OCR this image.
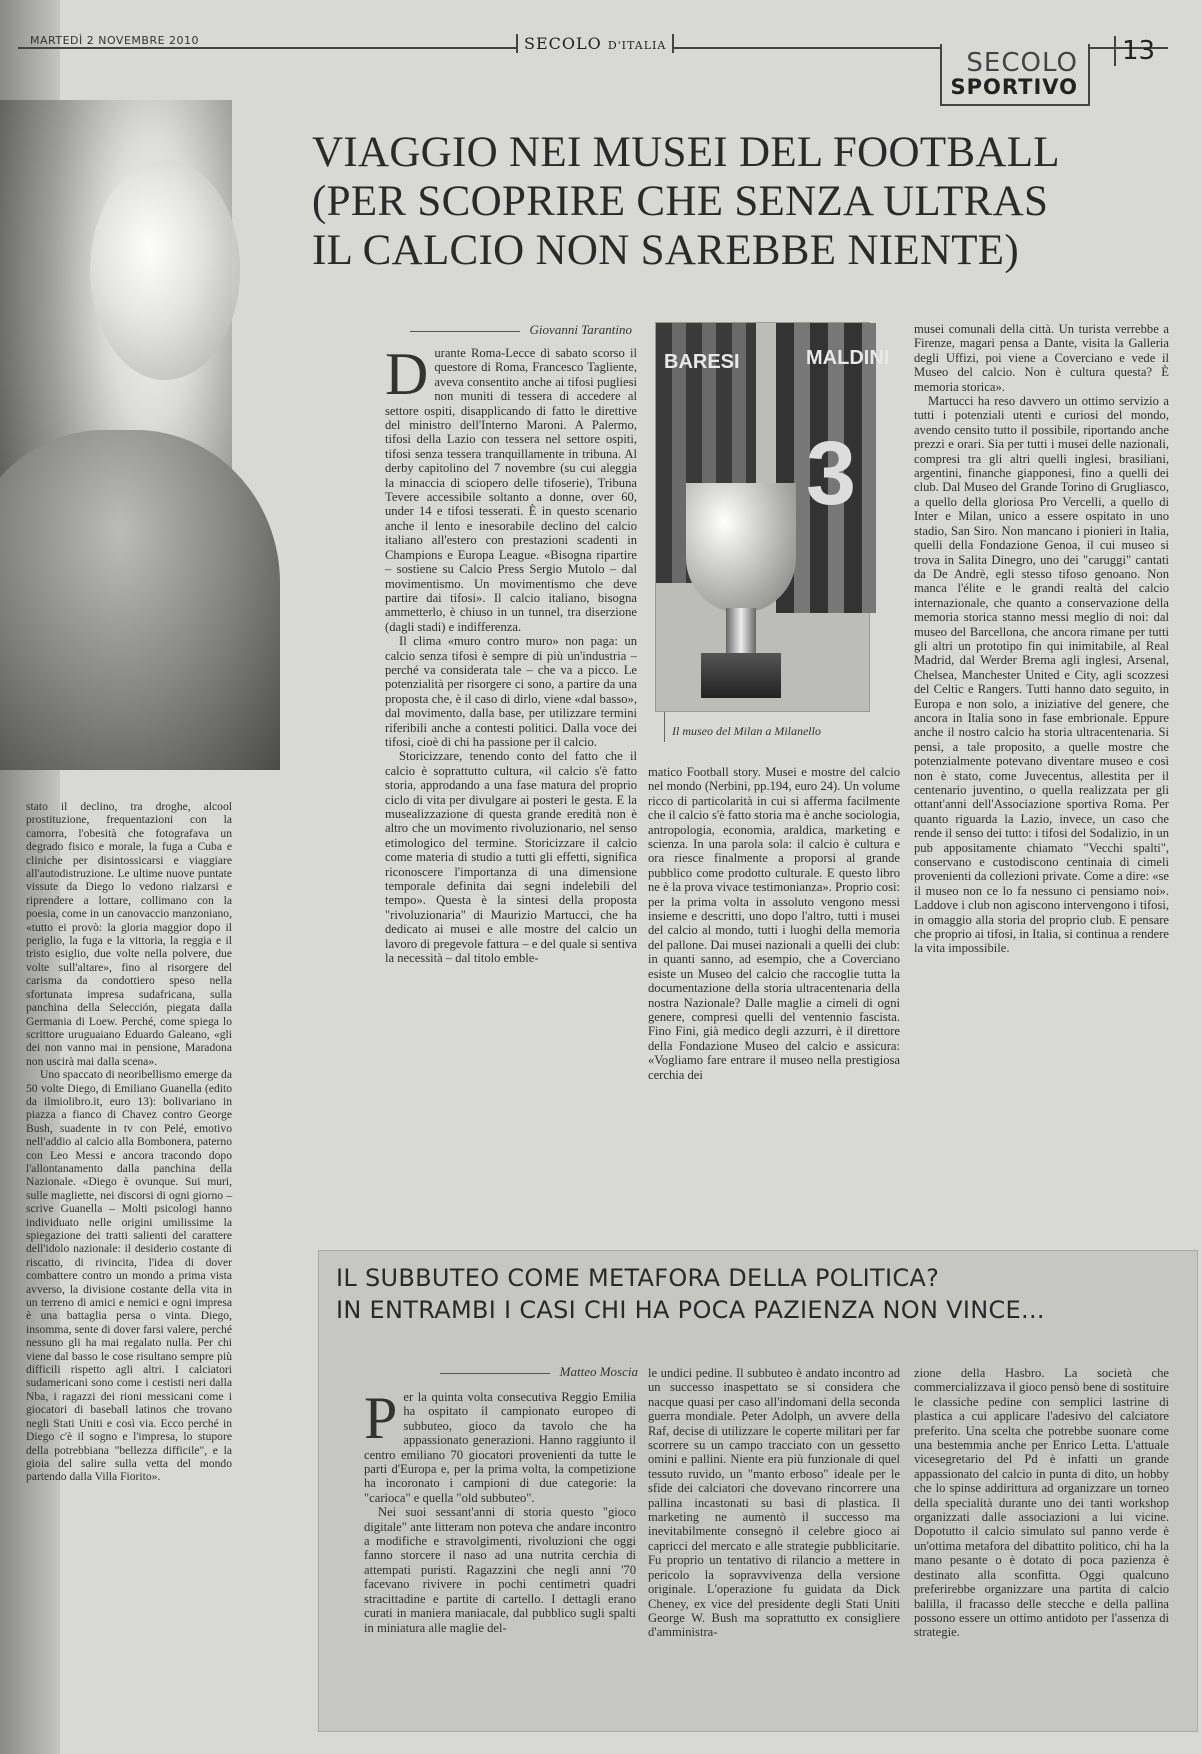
MARTEDÌ 2 NOVEMBRE 2010	SECOLO D'ITALIA
SECOLO
SPORTIVO
13
VIAGGIO NEI MUSEI DEL FOOTBALL
(PER SCOPRIRE CHE SENZA ULTRAS
IL CALCIO NON SAREBBE NIENTE)
Giovanni Tarantino
D urante Roma-Lecce di sabato scorso il questore di Roma, Francesco Tagliente, aveva consentito anche ai tifosi pugliesi non muniti di tessera di accedere al settore ospiti, disapplicando di fatto le direttive del ministro dell'Interno Maroni. A Palermo, tifosi della Lazio con tessera nel settore ospiti, tifosi senza tessera tranquillamente in tribuna. Al derby capitolino del 7 novembre (su cui aleggia la minaccia di sciopero delle tifoserie), Tribuna Tevere accessibile soltanto a donne, over 60, under 14 e tifosi tesserati. È in questo scenario anche il lento e inesorabile declino del calcio italiano all'estero con prestazioni scadenti in Champions e Europa League. «Bisogna ripartire – sostiene su Calcio Press Sergio Mutolo – dal movimentismo. Un movimentismo che deve partire dai tifosi». Il calcio italiano, bisogna ammetterlo, è chiuso in un tunnel, tra diserzione (dagli stadi) e indifferenza.

Il clima «muro contro muro» non paga: un calcio senza tifosi è sempre di più un'industria – perché va considerata tale – che va a picco. Le potenzialità per risorgere ci sono, a partire da una proposta che, è il caso di dirlo, viene «dal basso», dal movimento, dalla base, per utilizzare termini riferibili anche a contesti politici. Dalla voce dei tifosi, cioè di chi ha passione per il calcio.

Storicizzare, tenendo conto del fatto che il calcio è soprattutto cultura, «il calcio s'è fatto storia, approdando a una fase matura del proprio ciclo di vita per divulgare ai posteri le gesta. E la musealizzazione di questa grande eredità non è altro che un movimento rivoluzionario, nel senso etimologico del termine. Storicizzare il calcio come materia di studio a tutti gli effetti, significa riconoscere l'importanza di una dimensione temporale definita dai segni indelebili del tempo». Questa è la sintesi della proposta "rivoluzionaria" di Maurizio Martucci, che ha dedicato ai musei e alle mostre del calcio un lavoro di pregevole fattura – e del quale si sentiva la necessità – dal titolo emble-

BARESI	MALDINI
3
Il museo del Milan a Milanello

matico Football story. Musei e mostre del calcio nel mondo (Nerbini, pp.194, euro 24). Un volume ricco di particolarità in cui si afferma facilmente che il calcio s'è fatto storia ma è anche sociologia, antropologia, economia, araldica, marketing e scienza. In una parola sola: il calcio è cultura e ora riesce finalmente a proporsi al grande pubblico come prodotto culturale. E questo libro ne è la prova vivace testimonianza». Proprio così: per la prima volta in assoluto vengono messi insieme e descritti, uno dopo l'altro, tutti i musei del calcio al mondo, tutti i luoghi della memoria del pallone. Dai musei nazionali a quelli dei club: in quanti sanno, ad esempio, che a Coverciano esiste un Museo del calcio che raccoglie tutta la documentazione della storia ultracentenaria della nostra Nazionale? Dalle maglie a cimeli di ogni genere, compresi quelli del ventennio fascista. Fino Fini, già medico degli azzurri, è il direttore della Fondazione Museo del calcio e assicura: «Vogliamo fare entrare il museo nella prestigiosa cerchia dei

musei comunali della città. Un turista verrebbe a Firenze, magari pensa a Dante, visita la Galleria degli Uffizi, poi viene a Coverciano e vede il Museo del calcio. Non è cultura questa? È memoria storica».

Martucci ha reso davvero un ottimo servizio a tutti i potenziali utenti e curiosi del mondo, avendo censito tutto il possibile, riportando anche prezzi e orari. Sia per tutti i musei delle nazionali, compresi tra gli altri quelli inglesi, brasiliani, argentini, finanche giapponesi, fino a quelli dei club. Dal Museo del Grande Torino di Grugliasco, a quello della gloriosa Pro Vercelli, a quello di Inter e Milan, unico a essere ospitato in uno stadio, San Siro. Non mancano i pionieri in Italia, quelli della Fondazione Genoa, il cui museo si trova in Salita Dinegro, uno dei "caruggi" cantati da De Andrè, egli stesso tifoso genoano. Non manca l'élite e le grandi realtà del calcio internazionale, che quanto a conservazione della memoria storica stanno messi meglio di noi: dal museo del Barcellona, che ancora rimane per tutti gli altri un prototipo fin qui inimitabile, al Real Madrid, dal Werder Brema agli inglesi, Arsenal, Chelsea, Manchester United e City, agli scozzesi del Celtic e Rangers. Tutti hanno dato seguito, in Europa e non solo, a iniziative del genere, che ancora in Italia sono in fase embrionale. Eppure anche il nostro calcio ha storia ultracentenaria. Si pensi, a tale proposito, a quelle mostre che potenzialmente potevano diventare museo e così non è stato, come Juvecentus, allestita per il centenario juventino, o quella realizzata per gli ottant'anni dell'Associazione sportiva Roma. Per quanto riguarda la Lazio, invece, un caso che rende il senso dei tutto: i tifosi del Sodalizio, in un pub appositamente chiamato "Vecchi spalti", conservano e custodiscono centinaia di cimeli provenienti da collezioni private. Come a dire: «se il museo non ce lo fa nessuno ci pensiamo noi». Laddove i club non agiscono intervengono i tifosi, in omaggio alla storia del proprio club. E pensare che proprio ai tifosi, in Italia, si continua a rendere la vita impossibile.

stato il declino, tra droghe, alcool prostituzione, frequentazioni con la camorra, l'obesità che fotografava un degrado fisico e morale, la fuga a Cuba e cliniche per disintossicarsi e viaggiare all'autodistruzione. Le ultime nuove puntate vissute da Diego lo vedono rialzarsi e riprendere a lottare, collimano con la poesia, come in un canovaccio manzoniano, «tutto ei provò: la gloria maggior dopo il periglio, la fuga e la vittoria, la reggia e il tristo esiglio, due volte nella polvere, due volte sull'altare», fino al risorgere del carisma da condottiero speso nella sfortunata impresa sudafricana, sulla panchina della Selección, piegata dalla Germania di Loew. Perché, come spiega lo scrittore uruguaiano Eduardo Galeano, «gli dei non vanno mai in pensione, Maradona non uscirà mai dalla scena».

Uno spaccato di neoribellismo emerge da 50 volte Diego, di Emiliano Guanella (edito da ilmiolibro.it, euro 13): bolivariano in piazza a fianco di Chavez contro George Bush, suadente in tv con Pelé, emotivo nell'addio al calcio alla Bombonera, paterno con Leo Messi e ancora tracondo dopo l'allontanamento dalla panchina della Nazionale. «Diego è ovunque. Sui muri, sulle magliette, nei discorsi di ogni giorno – scrive Guanella – Molti psicologi hanno individuato nelle origini umilissime la spiegazione dei tratti salienti del carattere dell'idolo nazionale: il desiderio costante di riscatto, di rivincita, l'idea di dover combattere contro un mondo a prima vista avverso, la divisione costante della vita in un terreno di amici e nemici e ogni impresa è una battaglia persa o vinta. Diego, insomma, sente di dover farsi valere, perché nessuno gli ha mai regalato nulla. Per chi viene dal basso le cose risultano sempre più difficili rispetto agli altri. I calciatori sudamericani sono come i cestisti neri dalla Nba, i ragazzi dei rioni messicani come i giocatori di baseball latinos che trovano negli Stati Uniti e così via. Ecco perché in Diego c'è il sogno e l'impresa, lo stupore della potrebbiana "bellezza difficile", e la gioia del salire sulla vetta del mondo partendo dalla Villa Fiorito».

IL SUBBUTEO COME METAFORA DELLA POLITICA?
IN ENTRAMBI I CASI CHI HA POCA PAZIENZA NON VINCE...
Matteo Moscia
P er la quinta volta consecutiva Reggio Emilia ha ospitato il campionato europeo di subbuteo, gioco da tavolo che ha appassionato generazioni. Hanno raggiunto il centro emiliano 70 giocatori provenienti da tutte le parti d'Europa e, per la prima volta, la competizione ha incoronato i campioni di due categorie: la "carioca" e quella "old subbuteo".

Nei suoi sessant'anni di storia questo "gioco digitale" ante litteram non poteva che andare incontro a modifiche e stravolgimenti, rivoluzioni che oggi fanno storcere il naso ad una nutrita cerchia di attempati puristi. Ragazzini che negli anni '70 facevano rivivere in pochi centimetri quadri stracittadine e partite di cartello. I dettagli erano curati in maniera maniacale, dal pubblico sugli spalti in miniatura alle maglie del-

le undici pedine. Il subbuteo è andato incontro ad un successo inaspettato se si considera che nacque quasi per caso all'indomani della seconda guerra mondiale. Peter Adolph, un avvere della Raf, decise di utilizzare le coperte militari per far scorrere su un campo tracciato con un gessetto omini e pallini. Niente era più funzionale di quel tessuto ruvido, un "manto erboso" ideale per le sfide dei calciatori che dovevano rincorrere una pallina incastonati su basi di plastica. Il marketing ne aumentò il successo ma inevitabilmente consegnò il celebre gioco ai capricci del mercato e alle strategie pubblicitarie. Fu proprio un tentativo di rilancio a mettere in pericolo la sopravvivenza della versione originale. L'operazione fu guidata da Dick Cheney, ex vice del presidente degli Stati Uniti George W. Bush ma soprattutto ex consigliere d'amministra-

zione della Hasbro. La società che commercializzava il gioco pensò bene di sostituire le classiche pedine con semplici lastrine di plastica a cui applicare l'adesivo del calciatore preferito. Una scelta che potrebbe suonare come una bestemmia anche per Enrico Letta. L'attuale vicesegretario del Pd è infatti un grande appassionato del calcio in punta di dito, un hobby che lo spinse addirittura ad organizzare un torneo della specialità durante uno dei tanti workshop organizzati dalle associazioni a lui vicine. Dopotutto il calcio simulato sul panno verde è un'ottima metafora del dibattito politico, chi ha la mano pesante o è dotato di poca pazienza è destinato alla sconfitta. Oggi qualcuno preferirebbe organizzare una partita di calcio balilla, il fracasso delle stecche e della pallina possono essere un ottimo antidoto per l'assenza di strategie.
